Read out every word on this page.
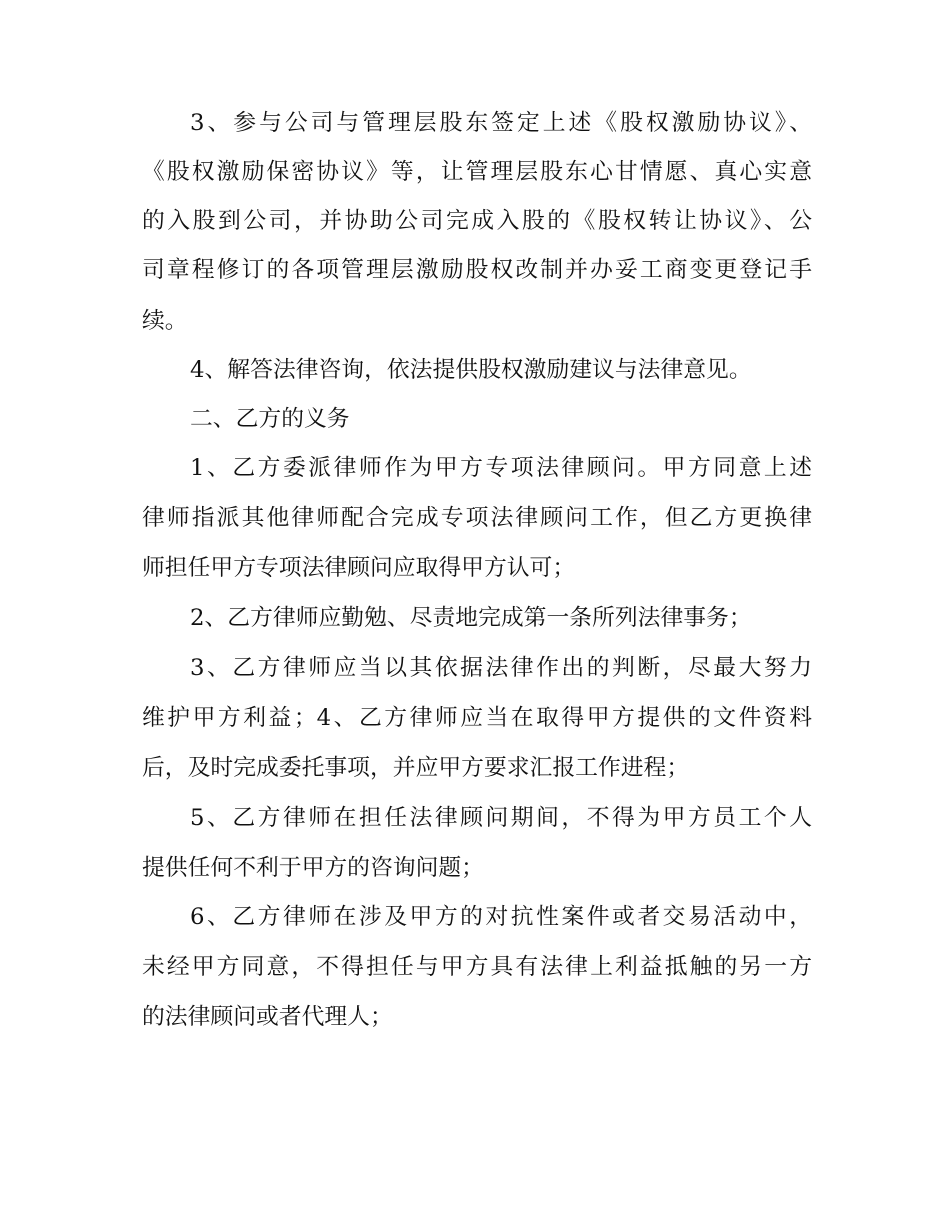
3、参与公司与管理层股东签定上述《股权激励协议》、
《股权激励保密协议》等，让管理层股东心甘情愿、真心实意
的入股到公司，并协助公司完成入股的《股权转让协议》、公
司章程修订的各项管理层激励股权改制并办妥工商变更登记手
续。
4、解答法律咨询，依法提供股权激励建议与法律意见。
二、乙方的义务
1、乙方委派律师作为甲方专项法律顾问。甲方同意上述
律师指派其他律师配合完成专项法律顾问工作，但乙方更换律
师担任甲方专项法律顾问应取得甲方认可；
2、乙方律师应勤勉、尽责地完成第一条所列法律事务；
3、乙方律师应当以其依据法律作出的判断，尽最大努力
维护甲方利益；4、乙方律师应当在取得甲方提供的文件资料
后，及时完成委托事项，并应甲方要求汇报工作进程；
5、乙方律师在担任法律顾问期间，不得为甲方员工个人
提供任何不利于甲方的咨询问题；
6、乙方律师在涉及甲方的对抗性案件或者交易活动中，
未经甲方同意，不得担任与甲方具有法律上利益抵触的另一方
的法律顾问或者代理人；
